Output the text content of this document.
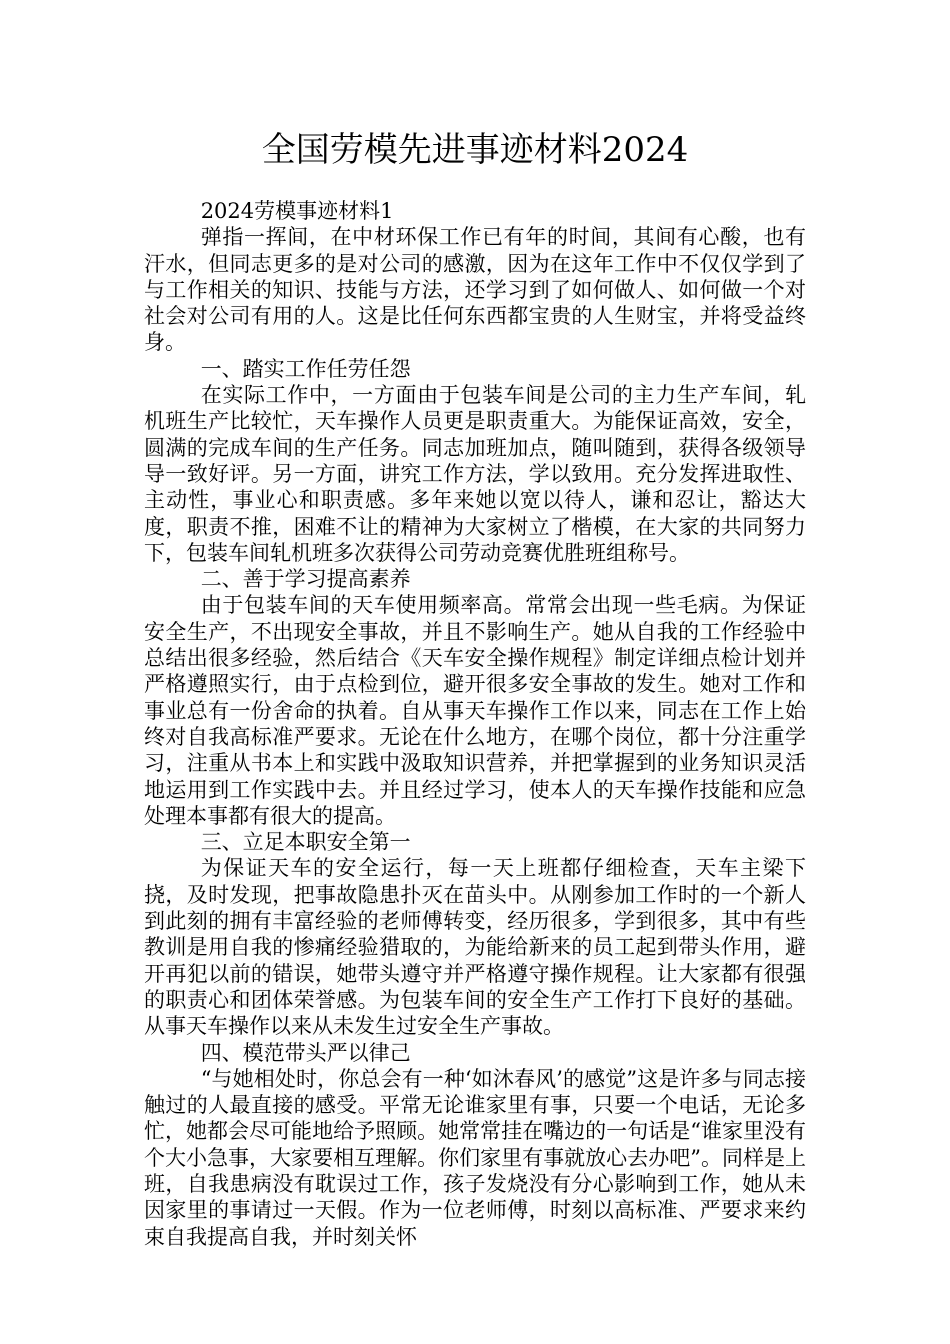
全国劳模先进事迹材料2024

2024劳模事迹材料1

弹指一挥间，在中材环保工作已有年的时间，其间有心酸，也有汗水，但同志更多的是对公司的感激，因为在这年工作中不仅仅学到了与工作相关的知识、技能与方法，还学习到了如何做人、如何做一个对社会对公司有用的人。这是比任何东西都宝贵的人生财宝，并将受益终身。

一、踏实工作任劳任怨

在实际工作中，一方面由于包装车间是公司的主力生产车间，轧机班生产比较忙，天车操作人员更是职责重大。为能保证高效，安全，圆满的完成车间的生产任务。同志加班加点，随叫随到，获得各级领导导一致好评。另一方面，讲究工作方法，学以致用。充分发挥进取性、主动性，事业心和职责感。多年来她以宽以待人，谦和忍让，豁达大度，职责不推，困难不让的精神为大家树立了楷模，在大家的共同努力下，包装车间轧机班多次获得公司劳动竞赛优胜班组称号。

二、善于学习提高素养

由于包装车间的天车使用频率高。常常会出现一些毛病。为保证安全生产，不出现安全事故，并且不影响生产。她从自我的工作经验中总结出很多经验，然后结合《天车安全操作规程》制定详细点检计划并严格遵照实行，由于点检到位，避开很多安全事故的发生。她对工作和事业总有一份舍命的执着。自从事天车操作工作以来，同志在工作上始终对自我高标准严要求。无论在什么地方，在哪个岗位，都十分注重学习，注重从书本上和实践中汲取知识营养，并把掌握到的业务知识灵活地运用到工作实践中去。并且经过学习，使本人的天车操作技能和应急处理本事都有很大的提高。

三、立足本职安全第一

为保证天车的安全运行，每一天上班都仔细检查，天车主梁下挠，及时发现，把事故隐患扑灭在苗头中。从刚参加工作时的一个新人到此刻的拥有丰富经验的老师傅转变，经历很多，学到很多，其中有些教训是用自我的惨痛经验猎取的，为能给新来的员工起到带头作用，避开再犯以前的错误，她带头遵守并严格遵守操作规程。让大家都有很强的职责心和团体荣誉感。为包装车间的安全生产工作打下良好的基础。从事天车操作以来从未发生过安全生产事故。

四、模范带头严以律己

“与她相处时，你总会有一种‘如沐春风’的感觉”这是许多与同志接触过的人最直接的感受。平常无论谁家里有事，只要一个电话，无论多忙，她都会尽可能地给予照顾。她常常挂在嘴边的一句话是“谁家里没有个大小急事，大家要相互理解。你们家里有事就放心去办吧”。同样是上班，自我患病没有耽误过工作，孩子发烧没有分心影响到工作，她从未因家里的事请过一天假。作为一位老师傅，时刻以高标准、严要求来约束自我提高自我，并时刻关怀
